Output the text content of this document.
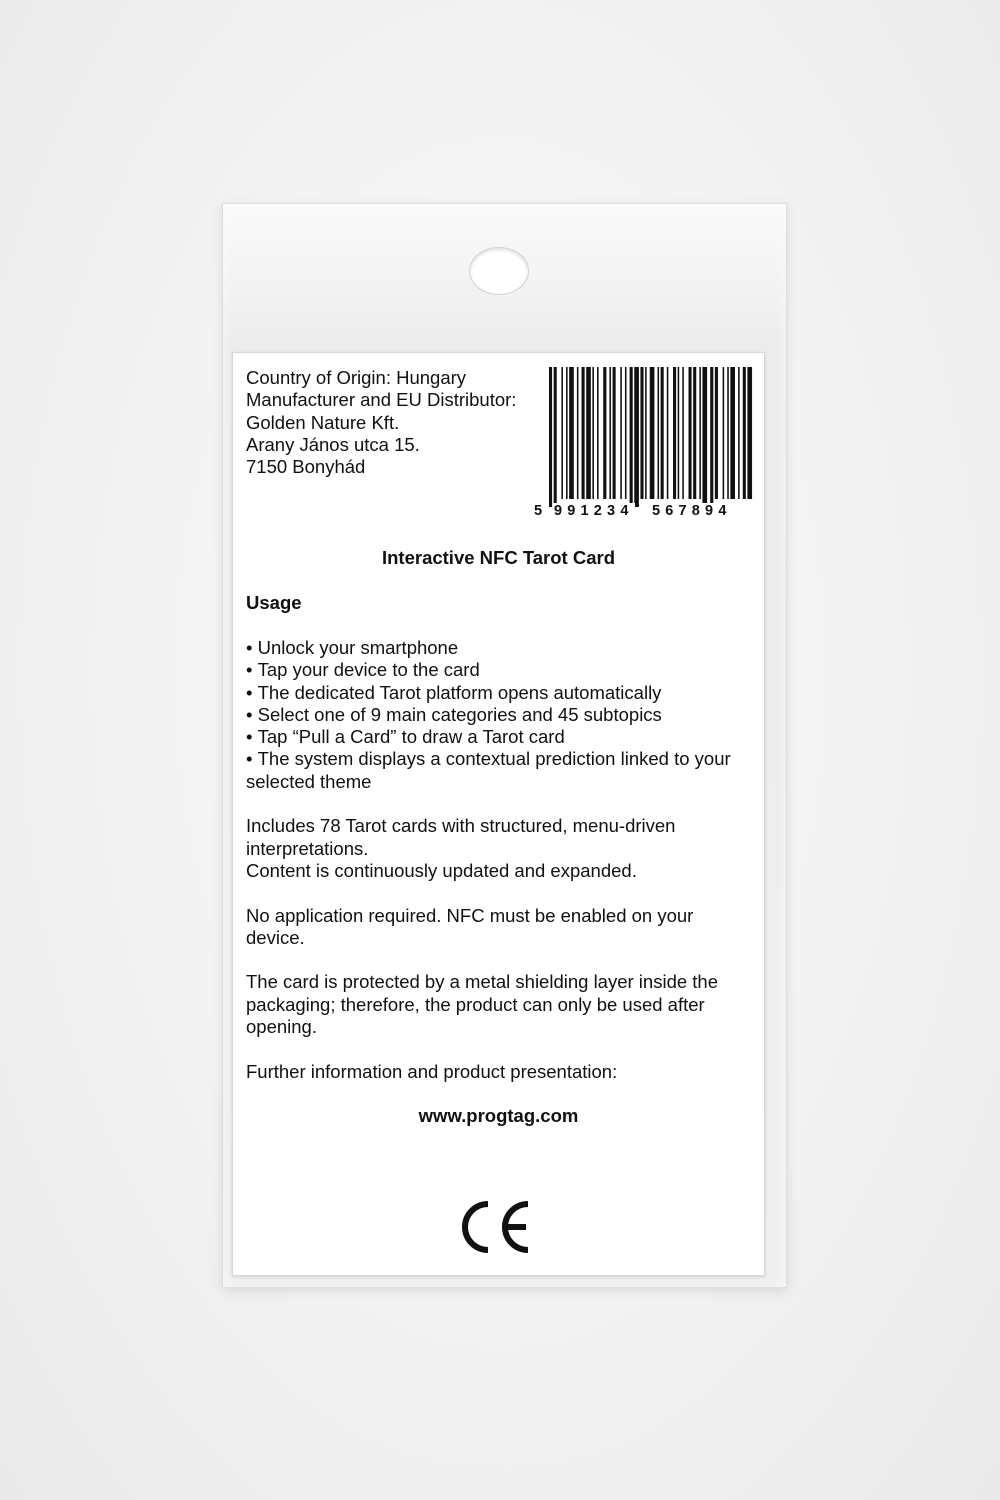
Country of Origin: Hungary
Manufacturer and EU Distributor:
Golden Nature Kft.
Arany János utca 15.
7150 Bonyhád
5 991234 567894
Interactive NFC Tarot Card
Usage
• Unlock your smartphone
• Tap your device to the card
• The dedicated Tarot platform opens automatically
• Select one of 9 main categories and 45 subtopics
• Tap “Pull a Card” to draw a Tarot card
• The system displays a contextual prediction linked to your selected theme

Includes 78 Tarot cards with structured, menu-driven interpretations.
Content is continuously updated and expanded.

No application required. NFC must be enabled on your device.

The card is protected by a metal shielding layer inside the packaging; therefore, the product can only be used after opening.

Further information and product presentation:

www.progtag.com
